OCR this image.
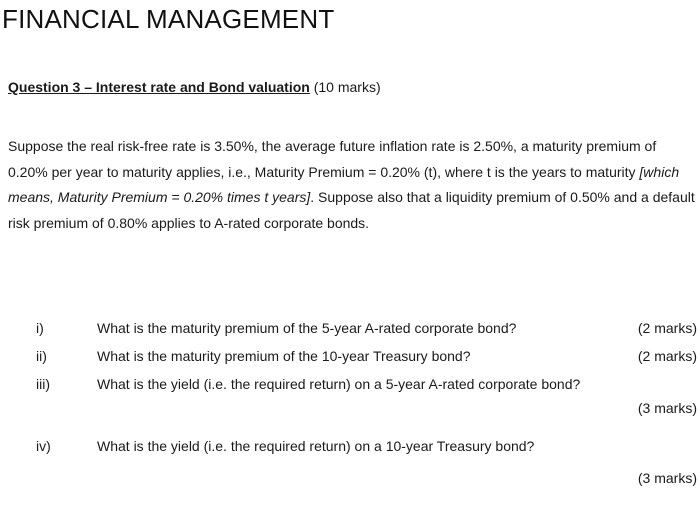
FINANCIAL MANAGEMENT
Question 3 – Interest rate and Bond valuation (10 marks)
Suppose the real risk-free rate is 3.50%, the average future inflation rate is 2.50%, a maturity premium of 0.20% per year to maturity applies, i.e., Maturity Premium = 0.20% (t), where t is the years to maturity [which means, Maturity Premium = 0.20% times t years]. Suppose also that a liquidity premium of 0.50% and a default risk premium of 0.80% applies to A-rated corporate bonds.
i)	What is the maturity premium of the 5-year A-rated corporate bond?	(2 marks)
ii)	What is the maturity premium of the 10-year Treasury bond?	(2 marks)
iii)	What is the yield (i.e. the required return) on a 5-year A-rated corporate bond?
(3 marks)
iv)	What is the yield (i.e. the required return) on a 10-year Treasury bond?
(3 marks)
